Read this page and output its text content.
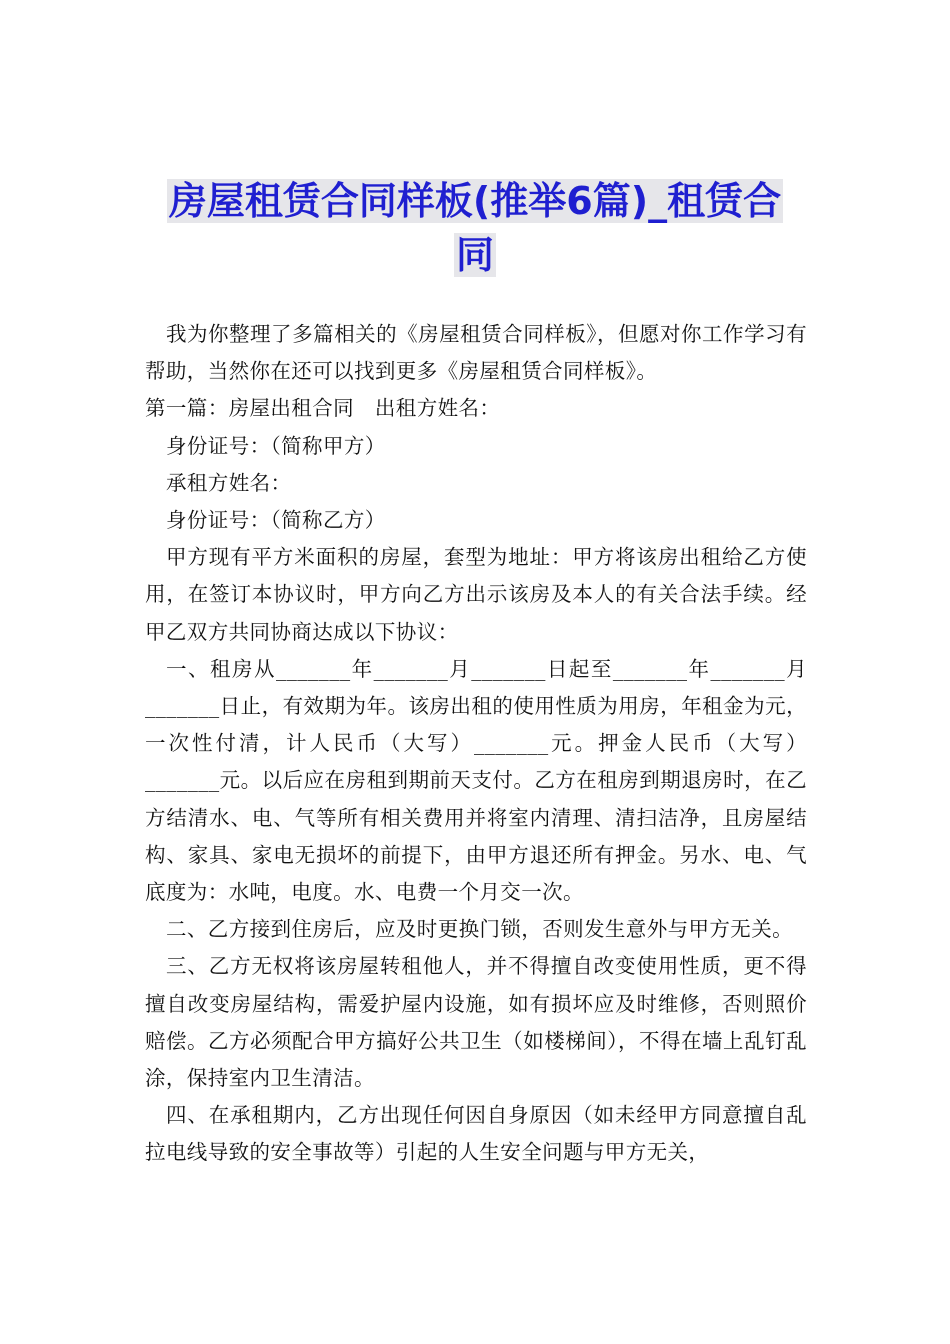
房屋租赁合同样板(推举6篇)_租赁合
同

我为你整理了多篇相关的《房屋租赁合同样板》，但愿对你工作学习有帮助，当然你在还可以找到更多《房屋租赁合同样板》。

第一篇：房屋出租合同　出租方姓名：

身份证号：（简称甲方）

承租方姓名：

身份证号：（简称乙方）

甲方现有平方米面积的房屋，套型为地址：甲方将该房出租给乙方使用，在签订本协议时，甲方向乙方出示该房及本人的有关合法手续。经甲乙双方共同协商达成以下协议：

一、租房从_______年_______月_______日起至_______年_______月_______日止，有效期为年。该房出租的使用性质为用房，年租金为元，一次性付清，计人民币（大写）_______元。押金人民币（大写）_______元。以后应在房租到期前天支付。乙方在租房到期退房时，在乙方结清水、电、气等所有相关费用并将室内清理、清扫洁净，且房屋结构、家具、家电无损坏的前提下，由甲方退还所有押金。另水、电、气底度为：水吨，电度。水、电费一个月交一次。

二、乙方接到住房后，应及时更换门锁，否则发生意外与甲方无关。

三、乙方无权将该房屋转租他人，并不得擅自改变使用性质，更不得擅自改变房屋结构，需爱护屋内设施，如有损坏应及时维修，否则照价赔偿。乙方必须配合甲方搞好公共卫生（如楼梯间），不得在墙上乱钉乱涂，保持室内卫生清洁。

四、在承租期内，乙方出现任何因自身原因（如未经甲方同意擅自乱拉电线导致的安全事故等）引起的人生安全问题与甲方无关，
